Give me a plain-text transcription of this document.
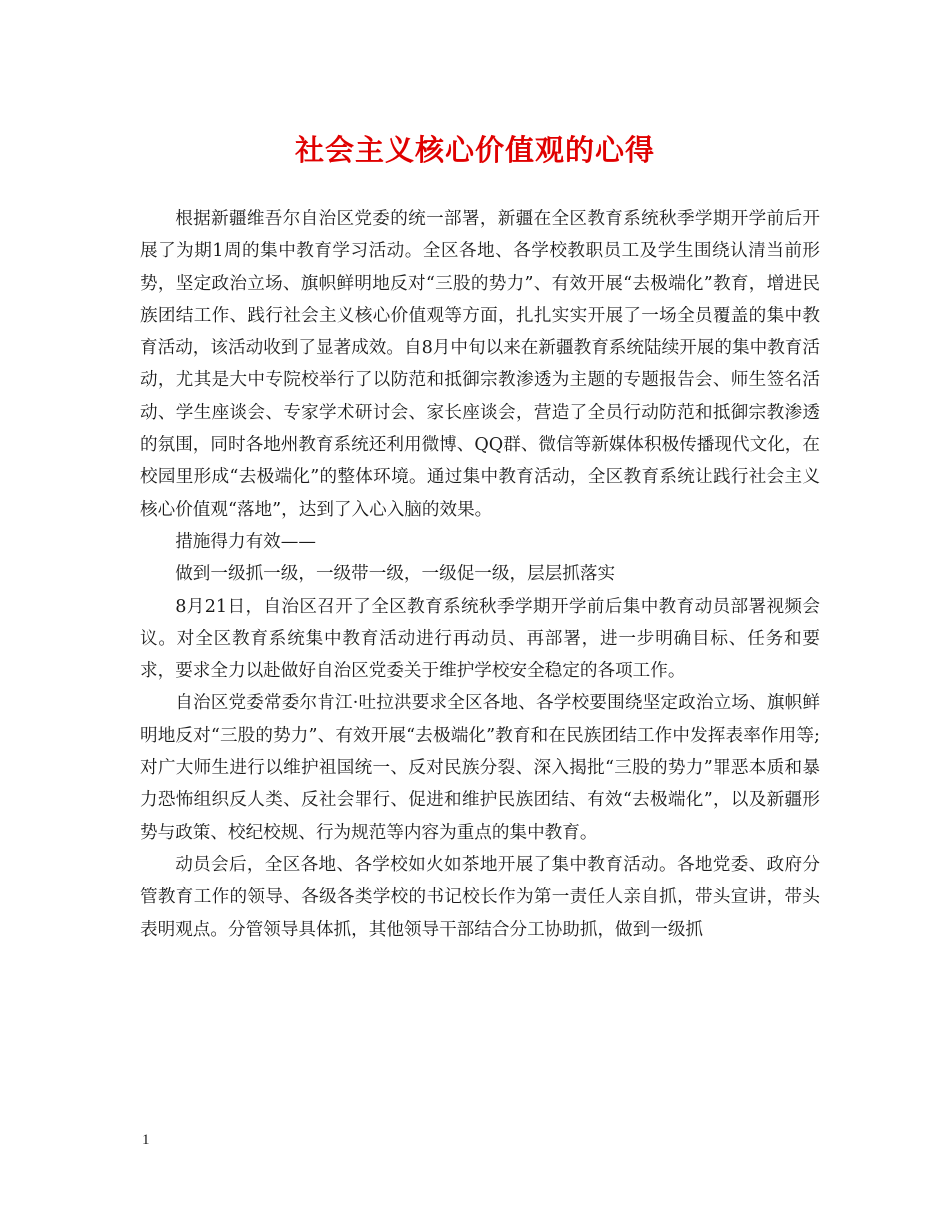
社会主义核心价值观的心得

根据新疆维吾尔自治区党委的统一部署，新疆在全区教育系统秋季学期开学前后开展了为期1周的集中教育学习活动。全区各地、各学校教职员工及学生围绕认清当前形势，坚定政治立场、旗帜鲜明地反对“三股的势力”、有效开展“去极端化”教育，增进民族团结工作、践行社会主义核心价值观等方面，扎扎实实开展了一场全员覆盖的集中教育活动，该活动收到了显著成效。自8月中旬以来在新疆教育系统陆续开展的集中教育活动，尤其是大中专院校举行了以防范和抵御宗教渗透为主题的专题报告会、师生签名活动、学生座谈会、专家学术研讨会、家长座谈会，营造了全员行动防范和抵御宗教渗透的氛围，同时各地州教育系统还利用微博、QQ群、微信等新媒体积极传播现代文化，在校园里形成“去极端化”的整体环境。通过集中教育活动，全区教育系统让践行社会主义核心价值观“落地”，达到了入心入脑的效果。

措施得力有效——

做到一级抓一级，一级带一级，一级促一级，层层抓落实

8月21日，自治区召开了全区教育系统秋季学期开学前后集中教育动员部署视频会议。对全区教育系统集中教育活动进行再动员、再部署，进一步明确目标、任务和要求，要求全力以赴做好自治区党委关于维护学校安全稳定的各项工作。

自治区党委常委尔肯江·吐拉洪要求全区各地、各学校要围绕坚定政治立场、旗帜鲜明地反对“三股的势力”、有效开展“去极端化”教育和在民族团结工作中发挥表率作用等;对广大师生进行以维护祖国统一、反对民族分裂、深入揭批“三股的势力”罪恶本质和暴力恐怖组织反人类、反社会罪行、促进和维护民族团结、有效“去极端化”，以及新疆形势与政策、校纪校规、行为规范等内容为重点的集中教育。

动员会后，全区各地、各学校如火如茶地开展了集中教育活动。各地党委、政府分管教育工作的领导、各级各类学校的书记校长作为第一责任人亲自抓，带头宣讲，带头表明观点。分管领导具体抓，其他领导干部结合分工协助抓，做到一级抓

1
